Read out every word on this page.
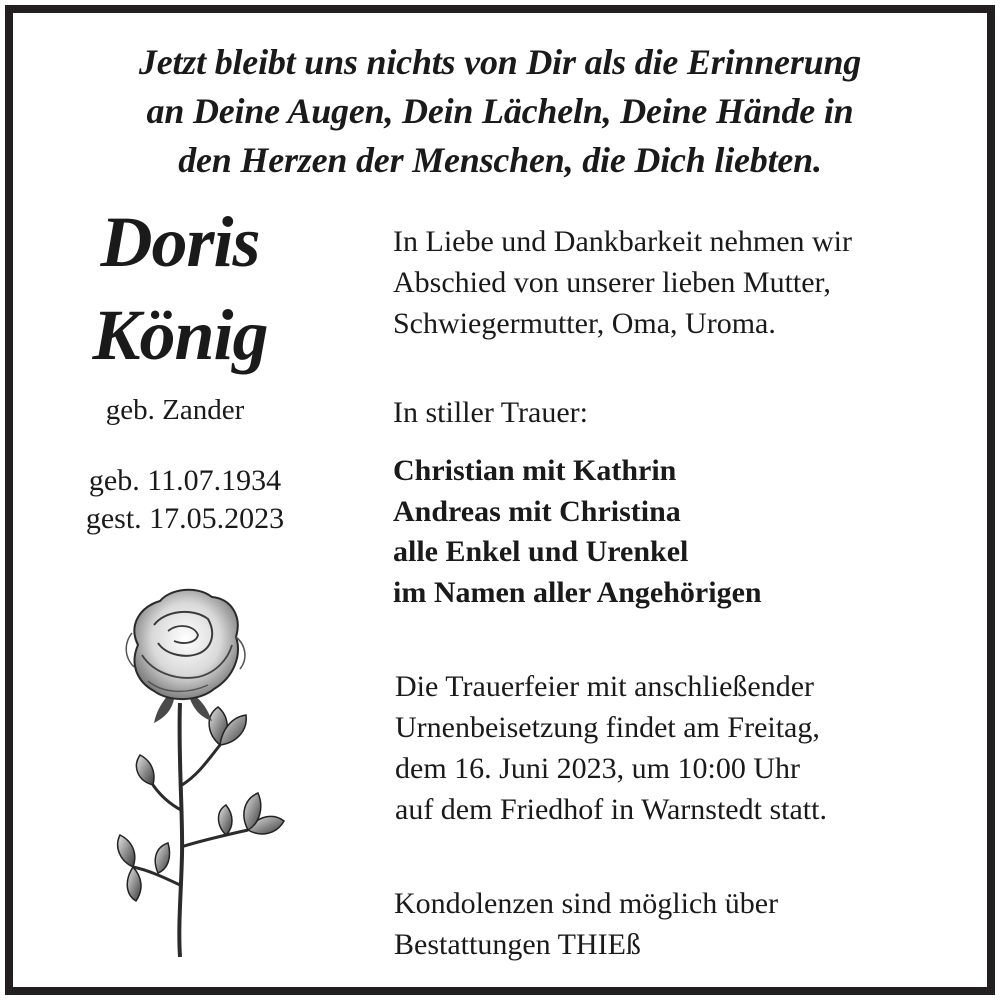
Jetzt bleibt uns nichts von Dir als die Erinnerung
an Deine Augen, Dein Lächeln, Deine Hände in
den Herzen der Menschen, die Dich liebten.
Doris
König
geb. Zander
geb. 11.07.1934
gest. 17.05.2023
In Liebe und Dankbarkeit nehmen wir
Abschied von unserer lieben Mutter,
Schwiegermutter, Oma, Uroma.
In stiller Trauer:
Christian mit Kathrin
Andreas mit Christina
alle Enkel und Urenkel
im Namen aller Angehörigen
Die Trauerfeier mit anschließender
Urnenbeisetzung findet am Freitag,
dem 16. Juni 2023, um 10:00 Uhr
auf dem Friedhof in Warnstedt statt.
Kondolenzen sind möglich über
Bestattungen THIEß
